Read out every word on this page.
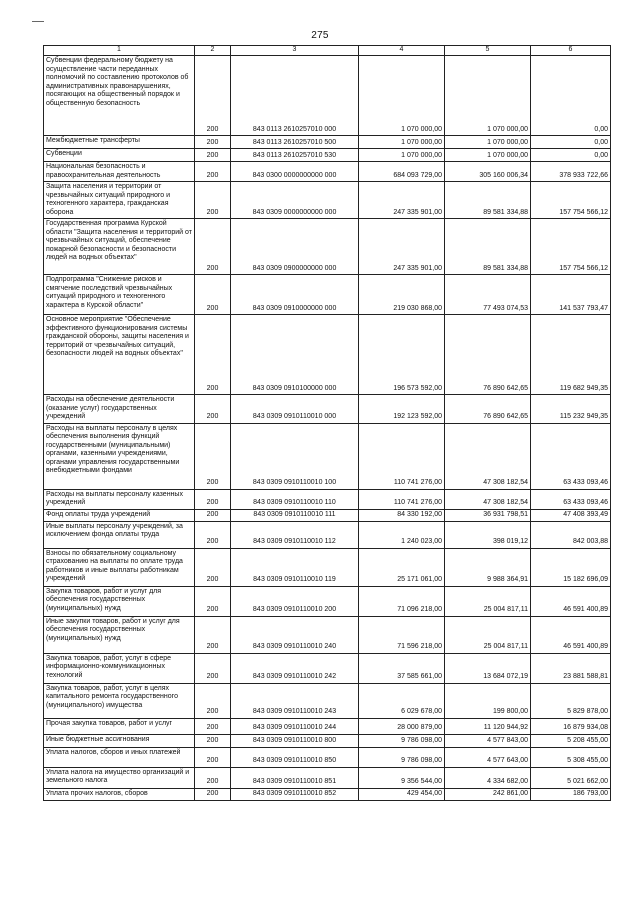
275
1	2	3	4	5	6
Субвенции федеральному бюджету на осуществление части переданных полномочий по составлению протоколов об административных правонарушениях, посягающих на общественный порядок и общественную безопасность	200	843 0113 2610257010 000	1 070 000,00	1 070 000,00	0,00
Межбюджетные трансферты	200	843 0113 2610257010 500	1 070 000,00	1 070 000,00	0,00
Субвенции	200	843 0113 2610257010 530	1 070 000,00	1 070 000,00	0,00
Национальная безопасность и правоохранительная деятельность	200	843 0300 0000000000 000	684 093 729,00	305 160 006,34	378 933 722,66
Защита населения и территории от чрезвычайных ситуаций природного и техногенного характера, гражданская оборона	200	843 0309 0000000000 000	247 335 901,00	89 581 334,88	157 754 566,12
Государственная программа Курской области "Защита населения и территорий от чрезвычайных ситуаций, обеспечение пожарной безопасности и безопасности людей на водных объектах"	200	843 0309 0900000000 000	247 335 901,00	89 581 334,88	157 754 566,12
Подпрограмма "Снижение рисков и смягчение последствий чрезвычайных ситуаций природного и техногенного характера в Курской области"	200	843 0309 0910000000 000	219 030 868,00	77 493 074,53	141 537 793,47
Основное мероприятие "Обеспечение эффективного функционирования системы гражданской обороны, защиты населения и территорий от чрезвычайных ситуаций, безопасности людей на водных объектах"	200	843 0309 0910100000 000	196 573 592,00	76 890 642,65	119 682 949,35
Расходы на обеспечение деятельности (оказание услуг) государственных учреждений	200	843 0309 0910110010 000	192 123 592,00	76 890 642,65	115 232 949,35
Расходы на выплаты персоналу в целях обеспечения выполнения функций государственными (муниципальными) органами, казенными учреждениями, органами управления государственными внебюджетными фондами	200	843 0309 0910110010 100	110 741 276,00	47 308 182,54	63 433 093,46
Расходы на выплаты персоналу казенных учреждений	200	843 0309 0910110010 110	110 741 276,00	47 308 182,54	63 433 093,46
Фонд оплаты труда учреждений	200	843 0309 0910110010 111	84 330 192,00	36 931 798,51	47 408 393,49
Иные выплаты персоналу учреждений, за исключением фонда оплаты труда	200	843 0309 0910110010 112	1 240 023,00	398 019,12	842 003,88
Взносы по обязательному социальному страхованию на выплаты по оплате труда работников и иные выплаты работникам учреждений	200	843 0309 0910110010 119	25 171 061,00	9 988 364,91	15 182 696,09
Закупка товаров, работ и услуг для обеспечения государственных (муниципальных) нужд	200	843 0309 0910110010 200	71 096 218,00	25 004 817,11	46 591 400,89
Иные закупки товаров, работ и услуг для обеспечения государственных (муниципальных) нужд	200	843 0309 0910110010 240	71 596 218,00	25 004 817,11	46 591 400,89
Закупка товаров, работ, услуг в сфере информационно-коммуникационных технологий	200	843 0309 0910110010 242	37 585 661,00	13 684 072,19	23 881 588,81
Закупка товаров, работ, услуг в целях капитального ремонта государственного (муниципального) имущества	200	843 0309 0910110010 243	6 029 678,00	199 800,00	5 829 878,00
Прочая закупка товаров, работ и услуг	200	843 0309 0910110010 244	28 000 879,00	11 120 944,92	16 879 934,08
Иные бюджетные ассигнования	200	843 0309 0910110010 800	9 786 098,00	4 577 843,00	5 208 455,00
Уплата налогов, сборов и иных платежей	200	843 0309 0910110010 850	9 786 098,00	4 577 643,00	5 308 455,00
Уплата налога на имущество организаций и земельного налога	200	843 0309 0910110010 851	9 356 544,00	4 334 682,00	5 021 662,00
Уплата прочих налогов, сборов	200	843 0309 0910110010 852	429 454,00	242 861,00	186 793,00
